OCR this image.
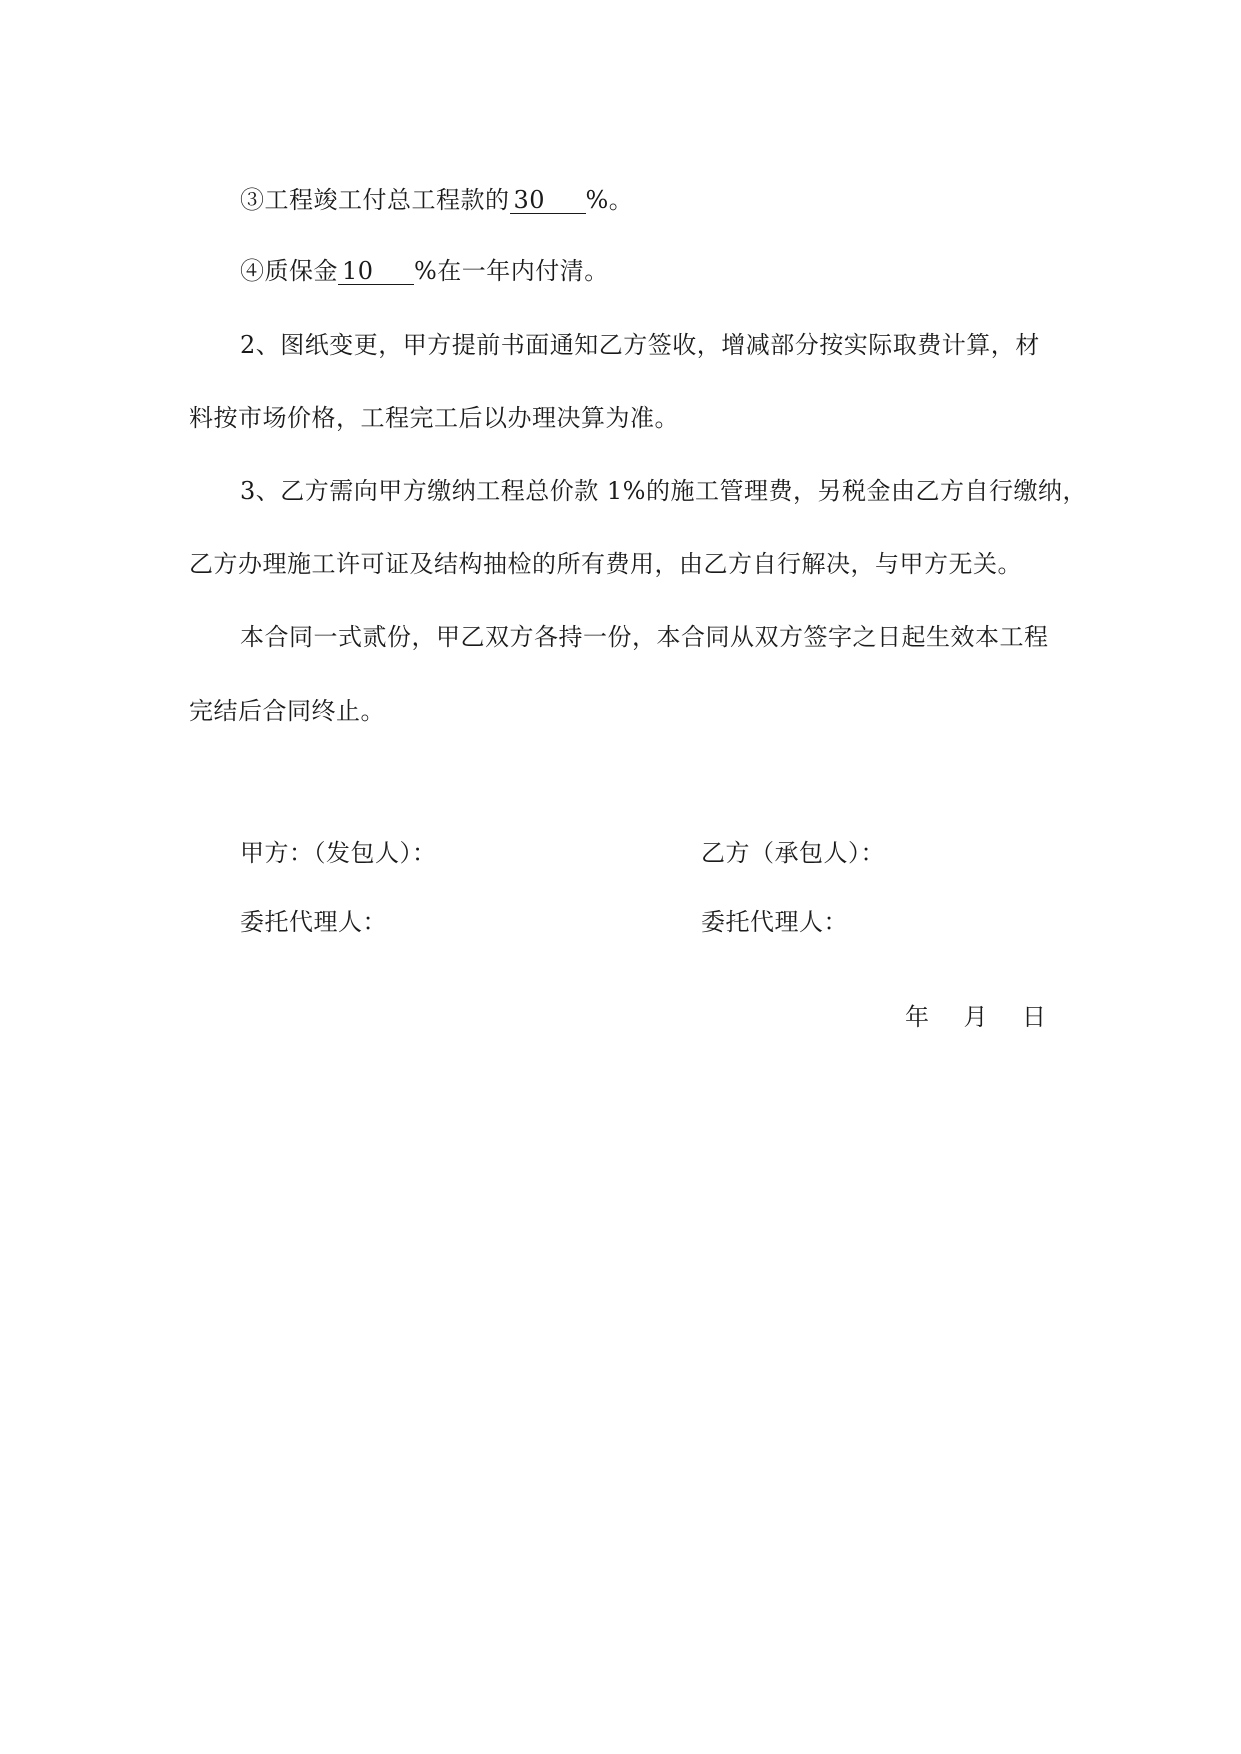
③工程竣工付总工程款的 30 %。
④质保金 10 %在一年内付清。
2、图纸变更，甲方提前书面通知乙方签收，增减部分按实际取费计算，材
料按市场价格，工程完工后以办理决算为准。
3、乙方需向甲方缴纳工程总价款 1%的施工管理费，另税金由乙方自行缴纳，
乙方办理施工许可证及结构抽检的所有费用，由乙方自行解决，与甲方无关。
本合同一式贰份，甲乙双方各持一份，本合同从双方签字之日起生效本工程
完结后合同终止。
甲方：（发包人）：	乙方（承包人）：
委托代理人：	委托代理人：
年 月 日
